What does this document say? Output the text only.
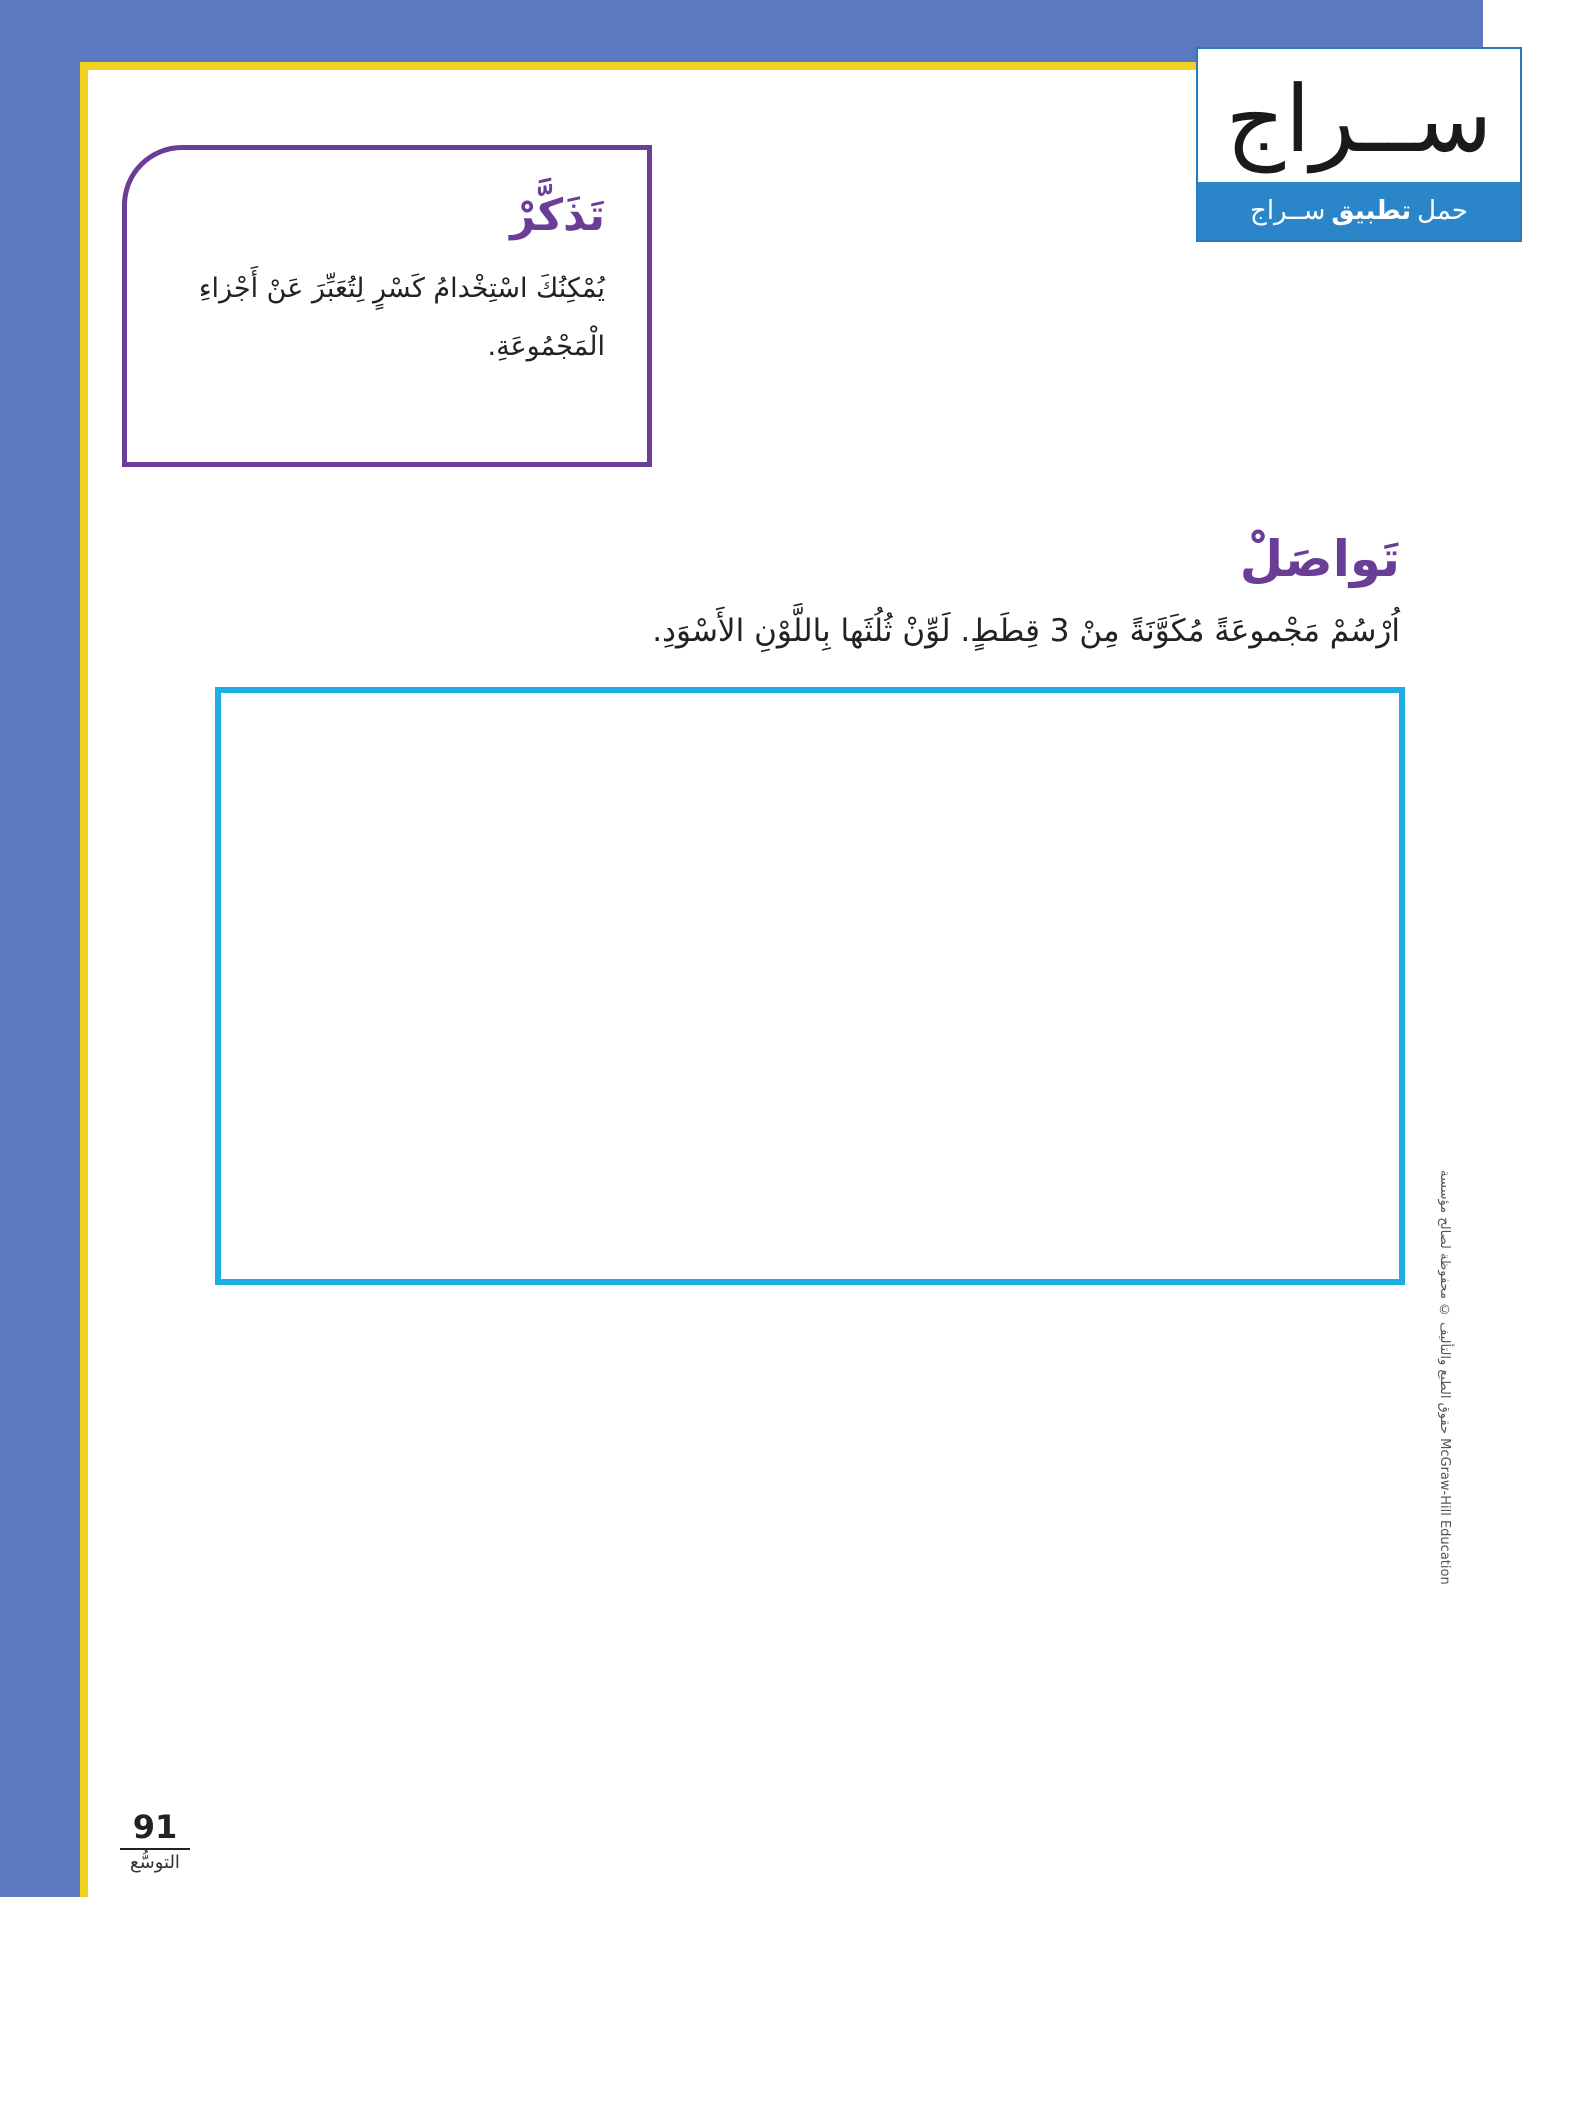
ســراج
حمل
تطبيق
ســراج
تَذَكَّرْ
يُمْكِنُكَ اسْتِخْدامُ كَسْرٍ لِتُعَبِّرَ عَنْ أَجْزاءِ الْمَجْمُوعَةِ.
تَواصَلْ
اُرْسُمْ مَجْموعَةً مُكَوَّنَةً مِنْ 3 قِطَطٍ. لَوِّنْ ثُلُثَها بِاللَّوْنِ الأَسْوَدِ.
حقوق الطبع والتأليف © محفوظة لصالح مؤسسة McGraw-Hill Education
91
التوسُّع
